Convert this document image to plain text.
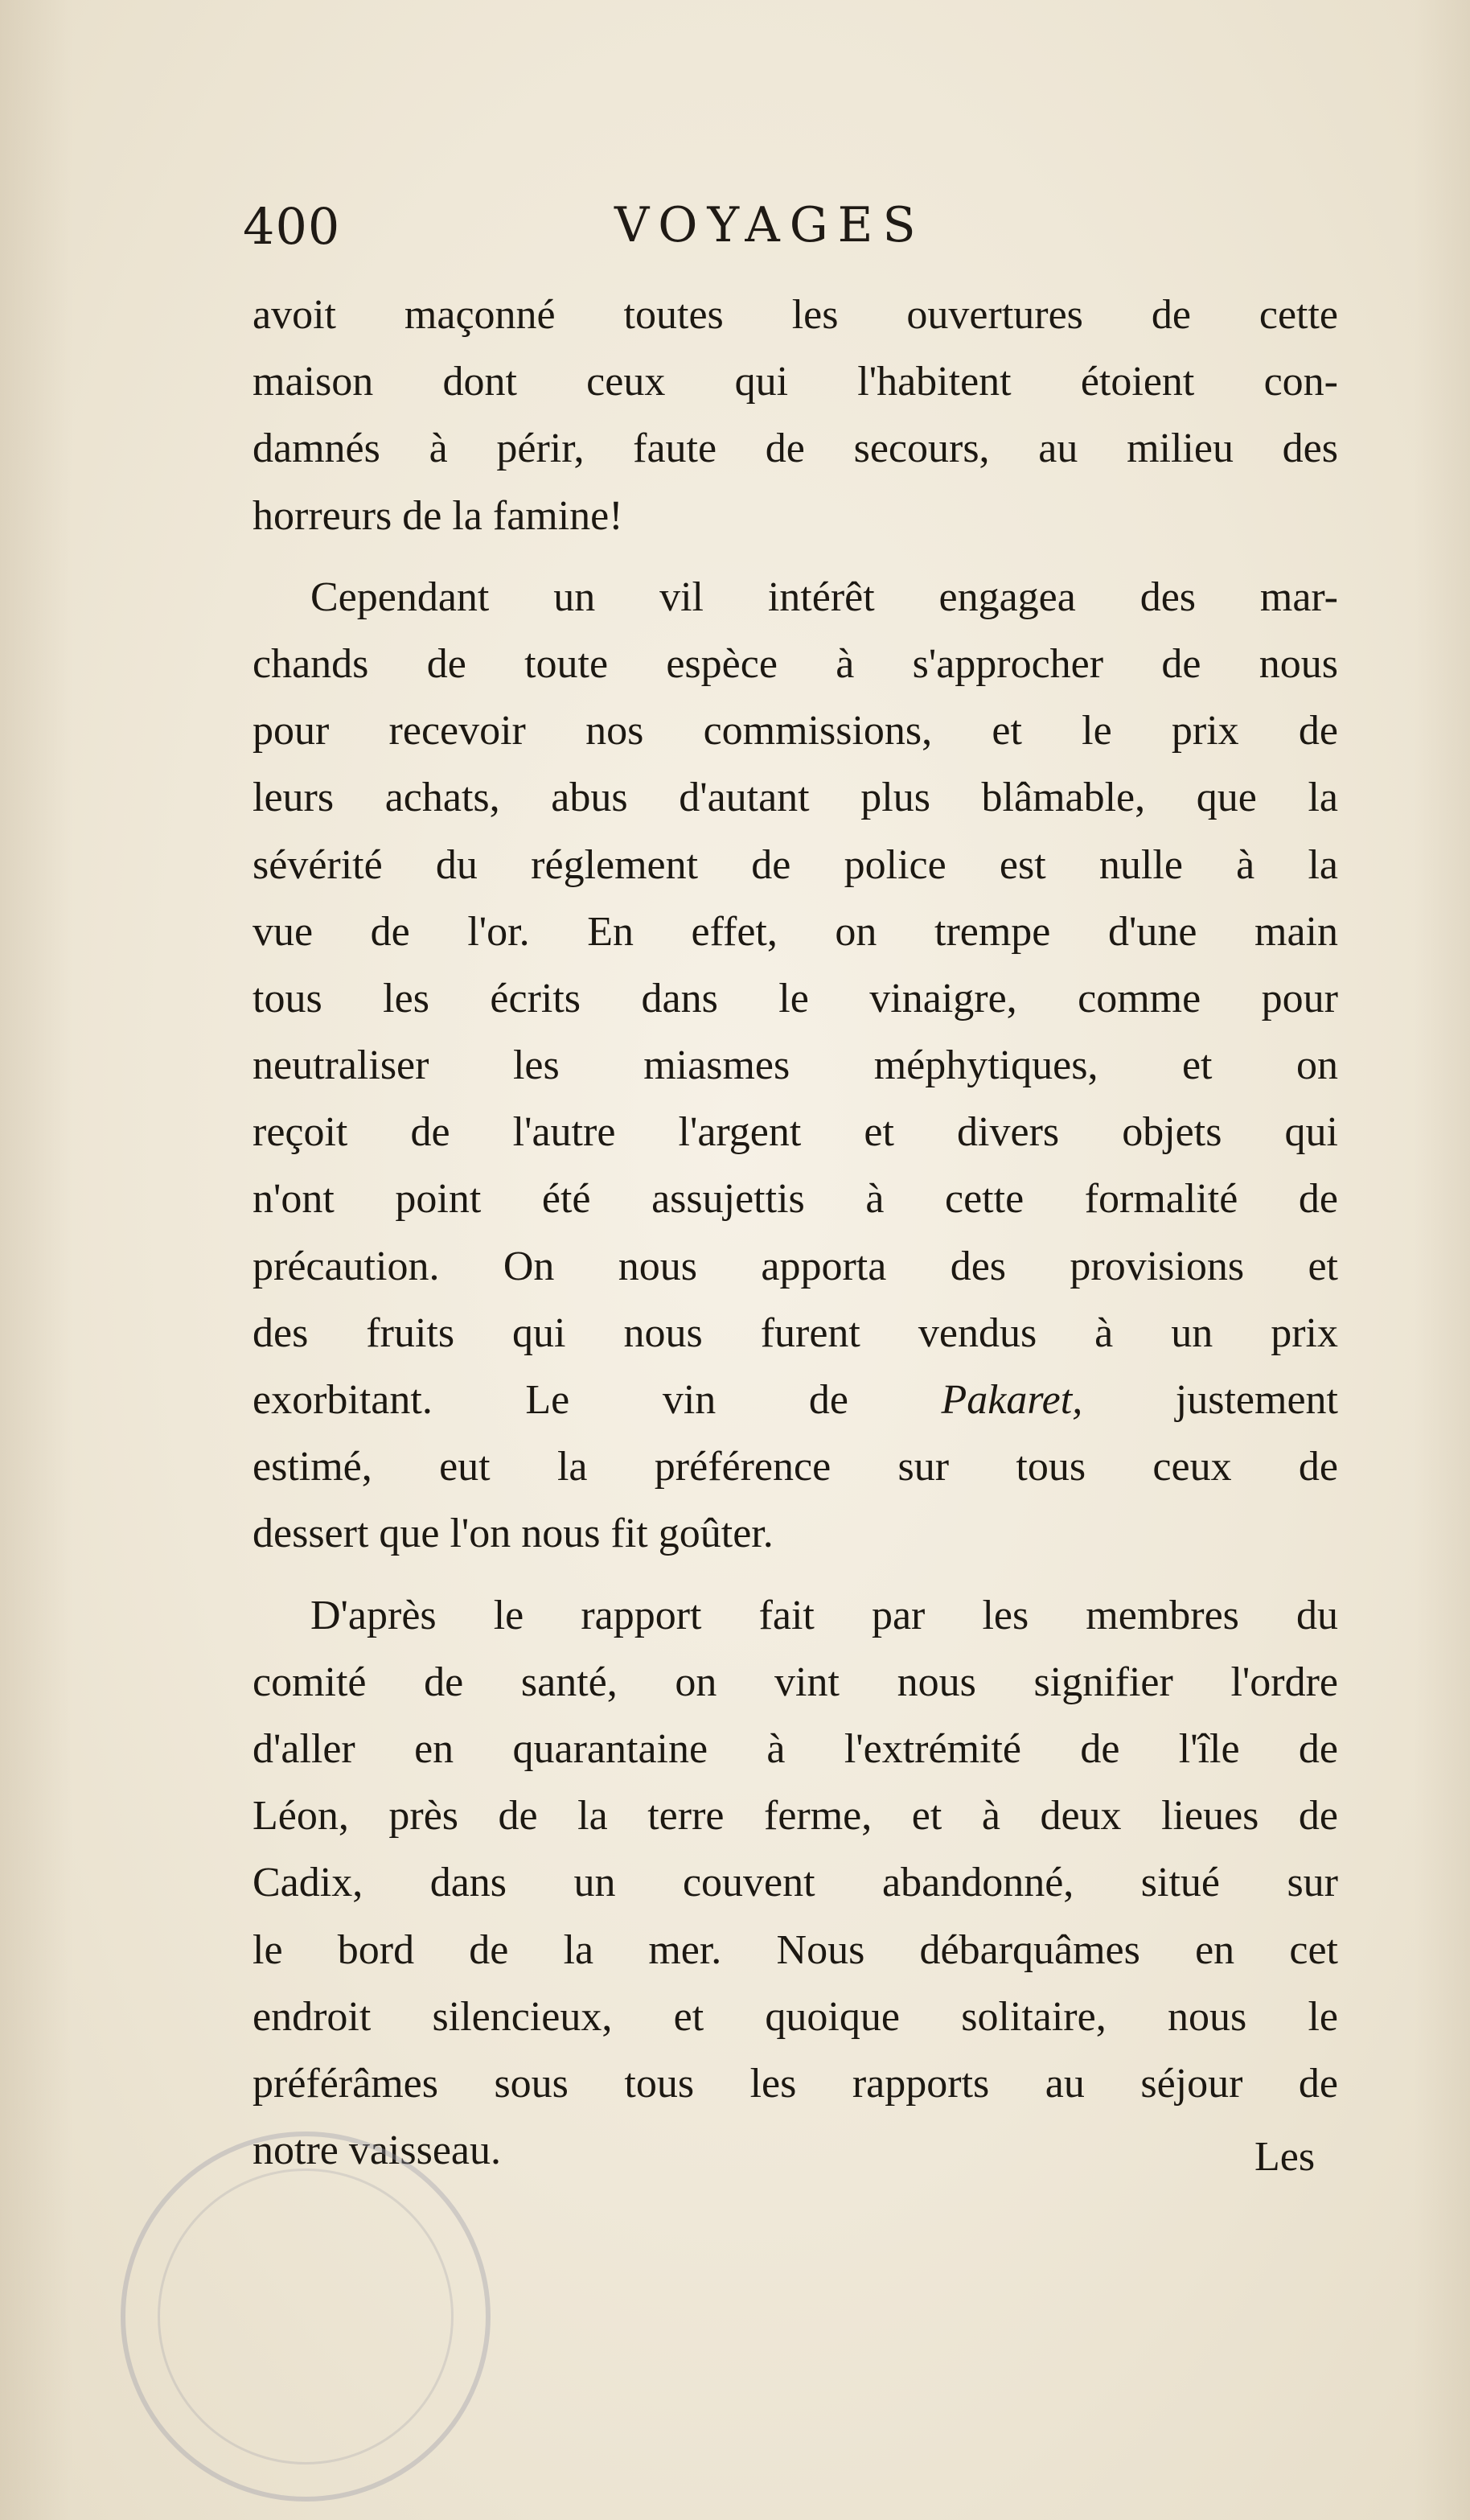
400	VOYAGES
avoit maçonné toutes les ouvertures de cette
maison dont ceux qui l'habitent étoient con-
damnés à périr, faute de secours, au milieu des
horreurs de la famine!
Cependant un vil intérêt engagea des mar-
chands de toute espèce à s'approcher de nous
pour recevoir nos commissions, et le prix de
leurs achats, abus d'autant plus blâmable, que la
sévérité du réglement de police est nulle à la
vue de l'or. En effet, on trempe d'une main
tous les écrits dans le vinaigre, comme pour
neutraliser les miasmes méphytiques, et on
reçoit de l'autre l'argent et divers objets qui
n'ont point été assujettis à cette formalité de
précaution. On nous apporta des provisions et
des fruits qui nous furent vendus à un prix
exorbitant. Le vin de Pakaret, justement
estimé, eut la préférence sur tous ceux de
dessert que l'on nous fit goûter.
D'après le rapport fait par les membres du
comité de santé, on vint nous signifier l'ordre
d'aller en quarantaine à l'extrémité de l'île de
Léon, près de la terre ferme, et à deux lieues de
Cadix, dans un couvent abandonné, situé sur
le bord de la mer. Nous débarquâmes en cet
endroit silencieux, et quoique solitaire, nous le
préférâmes sous tous les rapports au séjour de
notre vaisseau.	Les
